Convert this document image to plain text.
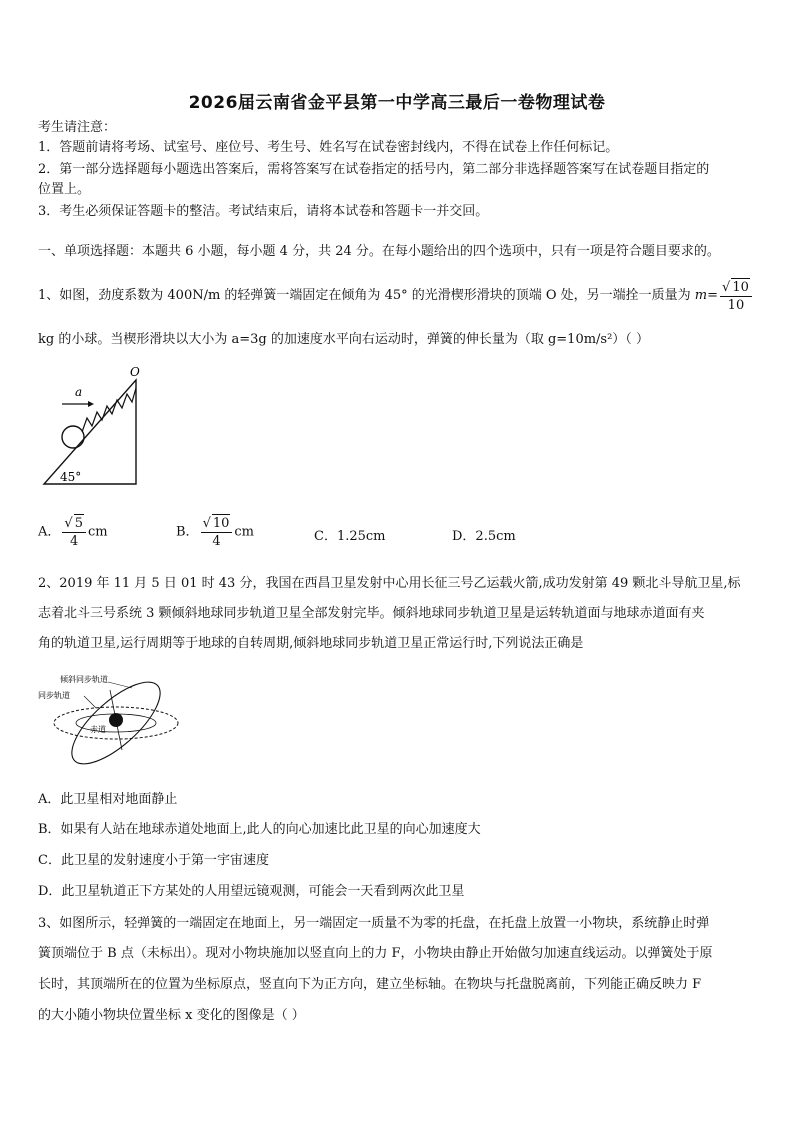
2026届云南省金平县第一中学高三最后一卷物理试卷
考生请注意：
1．答题前请将考场、试室号、座位号、考生号、姓名写在试卷密封线内，不得在试卷上作任何标记。
2．第一部分选择题每小题选出答案后，需将答案写在试卷指定的括号内，第二部分非选择题答案写在试卷题目指定的
位置上。
3．考生必须保证答题卡的整洁。考试结束后，请将本试卷和答题卡一并交回。
一、单项选择题：本题共 6 小题，每小题 4 分，共 24 分。在每小题给出的四个选项中，只有一项是符合题目要求的。
1、如图，劲度系数为 400N/m 的轻弹簧一端固定在倾角为 45° 的光滑楔形滑块的顶端 O 处，另一端拴一质量为 $m= \frac{√ 10}{10}$
kg 的小球。当楔形滑块以大小为 a=3g 的加速度水平向右运动时，弹簧的伸长量为（取 g=10m/s²）（ ）
a
O
45°
A． $\frac{√ 5}{4}$ cm	B． $\frac{√ 10}{4}$ cm	C．1.25cm	D．2.5cm
2、2019 年 11 月 5 日 01 时 43 分，我国在西昌卫星发射中心用长征三号乙运载火箭,成功发射第 49 颗北斗导航卫星,标
志着北斗三号系统 3 颗倾斜地球同步轨道卫星全部发射完毕。倾斜地球同步轨道卫星是运转轨道面与地球赤道面有夹
角的轨道卫星,运行周期等于地球的自转周期,倾斜地球同步轨道卫星正常运行时,下列说法正确是
倾斜同步轨道
同步轨道
赤道
A．此卫星相对地面静止
B．如果有人站在地球赤道处地面上,此人的向心加速比此卫星的向心加速度大
C．此卫星的发射速度小于第一宇宙速度
D．此卫星轨道正下方某处的人用望远镜观测，可能会一天看到两次此卫星
3、如图所示，轻弹簧的一端固定在地面上，另一端固定一质量不为零的托盘，在托盘上放置一小物块，系统静止时弹
簧顶端位于 B 点（未标出）。现对小物块施加以竖直向上的力 F，小物块由静止开始做匀加速直线运动。以弹簧处于原
长时，其顶端所在的位置为坐标原点，竖直向下为正方向，建立坐标轴。在物块与托盘脱离前，下列能正确反映力 F
的大小随小物块位置坐标 x 变化的图像是（ ）
